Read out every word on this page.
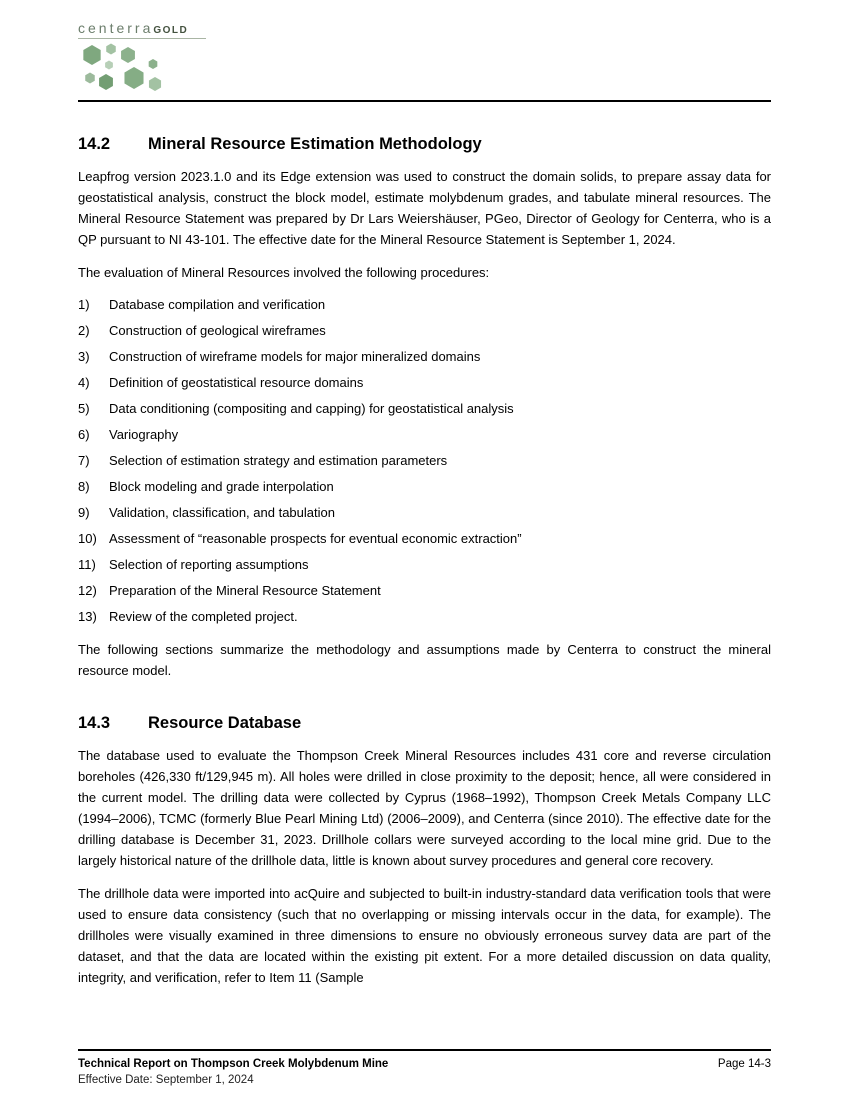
centerraGOLD
14.2	Mineral Resource Estimation Methodology

Leapfrog version 2023.1.0 and its Edge extension was used to construct the domain solids, to prepare assay data for geostatistical analysis, construct the block model, estimate molybdenum grades, and tabulate mineral resources. The Mineral Resource Statement was prepared by Dr Lars Weiershäuser, PGeo, Director of Geology for Centerra, who is a QP pursuant to NI 43-101. The effective date for the Mineral Resource Statement is September 1, 2024.

The evaluation of Mineral Resources involved the following procedures:

1)	Database compilation and verification
2)	Construction of geological wireframes
3)	Construction of wireframe models for major mineralized domains
4)	Definition of geostatistical resource domains
5)	Data conditioning (compositing and capping) for geostatistical analysis
6)	Variography
7)	Selection of estimation strategy and estimation parameters
8)	Block modeling and grade interpolation
9)	Validation, classification, and tabulation
10) Assessment of “reasonable prospects for eventual economic extraction”
11)	Selection of reporting assumptions
12) Preparation of the Mineral Resource Statement
13) Review of the completed project.

The following sections summarize the methodology and assumptions made by Centerra to construct the mineral resource model.

14.3	Resource Database

The database used to evaluate the Thompson Creek Mineral Resources includes 431 core and reverse circulation boreholes (426,330 ft/129,945 m). All holes were drilled in close proximity to the deposit; hence, all were considered in the current model. The drilling data were collected by Cyprus (1968–1992), Thompson Creek Metals Company LLC (1994–2006), TCMC (formerly Blue Pearl Mining Ltd) (2006–2009), and Centerra (since 2010). The effective date for the drilling database is December 31, 2023. Drillhole collars were surveyed according to the local mine grid. Due to the largely historical nature of the drillhole data, little is known about survey procedures and general core recovery.

The drillhole data were imported into acQuire and subjected to built-in industry-standard data verification tools that were used to ensure data consistency (such that no overlapping or missing intervals occur in the data, for example). The drillholes were visually examined in three dimensions to ensure no obviously erroneous survey data are part of the dataset, and that the data are located within the existing pit extent. For a more detailed discussion on data quality, integrity, and verification, refer to Item 11 (Sample

Technical Report on Thompson Creek Molybdenum Mine
Effective Date: September 1, 2024
Page 14-3
